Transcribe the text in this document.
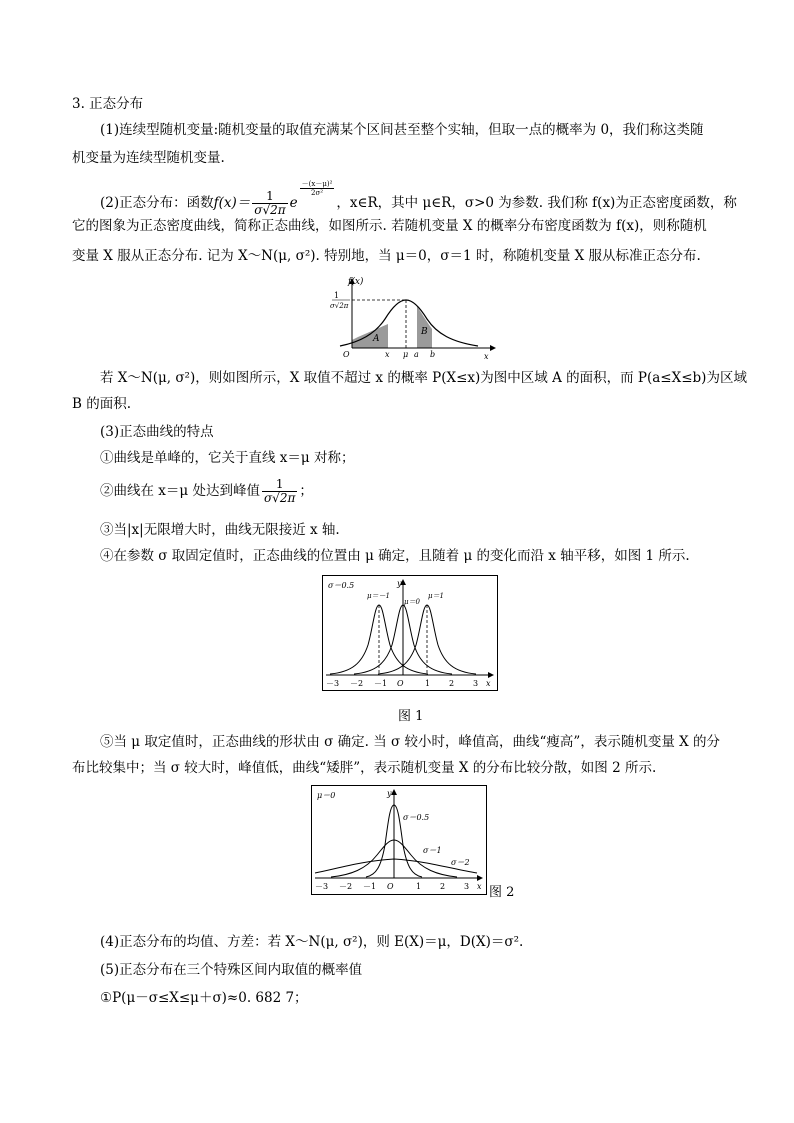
3. 正态分布
(1)连续型随机变量:随机变量的取值充满某个区间甚至整个实轴，但取一点的概率为 0，我们称这类随
机变量为连续型随机变量.
(2)正态分布：函数$f(x)= \frac{1}{\sigma√2\pi}$ e
$\frac{\text{－(x－μ)²}}{\text{2σ²}}$
，x∈R，其中 μ∈R，σ>0 为参数. 我们称 f(x)为正态密度函数，称
它的图象为正态密度曲线，简称正态曲线，如图所示. 若随机变量 X 的概率分布密度函数为 f(x)，则称随机
变量 X 服从正态分布. 记为 X～N(μ, σ²). 特别地，当 μ＝0，σ＝1 时，称随机变量 X 服从标准正态分布.
f(x)
1
σ√2π
O	x μ a b	x
A
B
若 X～N(μ, σ²)，则如图所示，X 取值不超过 x 的概率 P(X≤x)为图中区域 A 的面积，而 P(a≤X≤b)为区域
B 的面积.
(3)正态曲线的特点
①曲线是单峰的，它关于直线 x＝μ 对称；
②曲线在 x＝μ 处达到峰值 $\frac{1}{\sigma√2\pi}$ ；
③当|x|无限增大时，曲线无限接近 x 轴.
④在参数 σ 取固定值时，正态曲线的位置由 μ 确定，且随着 μ 的变化而沿 x 轴平移，如图 1 所示.
σ＝0.5	y
μ＝－1
μ＝0
μ＝1
－3 －2 －1 O	1 2 3 x
图 1
⑤当 μ 取定值时，正态曲线的形状由 σ 确定. 当 σ 较小时，峰值高，曲线“瘦高”，表示随机变量 X 的分
布比较集中；当 σ 较大时，峰值低，曲线“矮胖”，表示随机变量 X 的分布比较分散，如图 2 所示.
μ＝0	y
σ＝0.5
σ＝1
σ＝2
－3 －2 －1 O	1 2 3 x 图 2
(4)正态分布的均值、方差：若 X～N(μ, σ²)，则 E(X)＝μ，D(X)＝σ².
(5)正态分布在三个特殊区间内取值的概率值
①P(μ－σ≤X≤μ＋σ)≈0. 682 7；
